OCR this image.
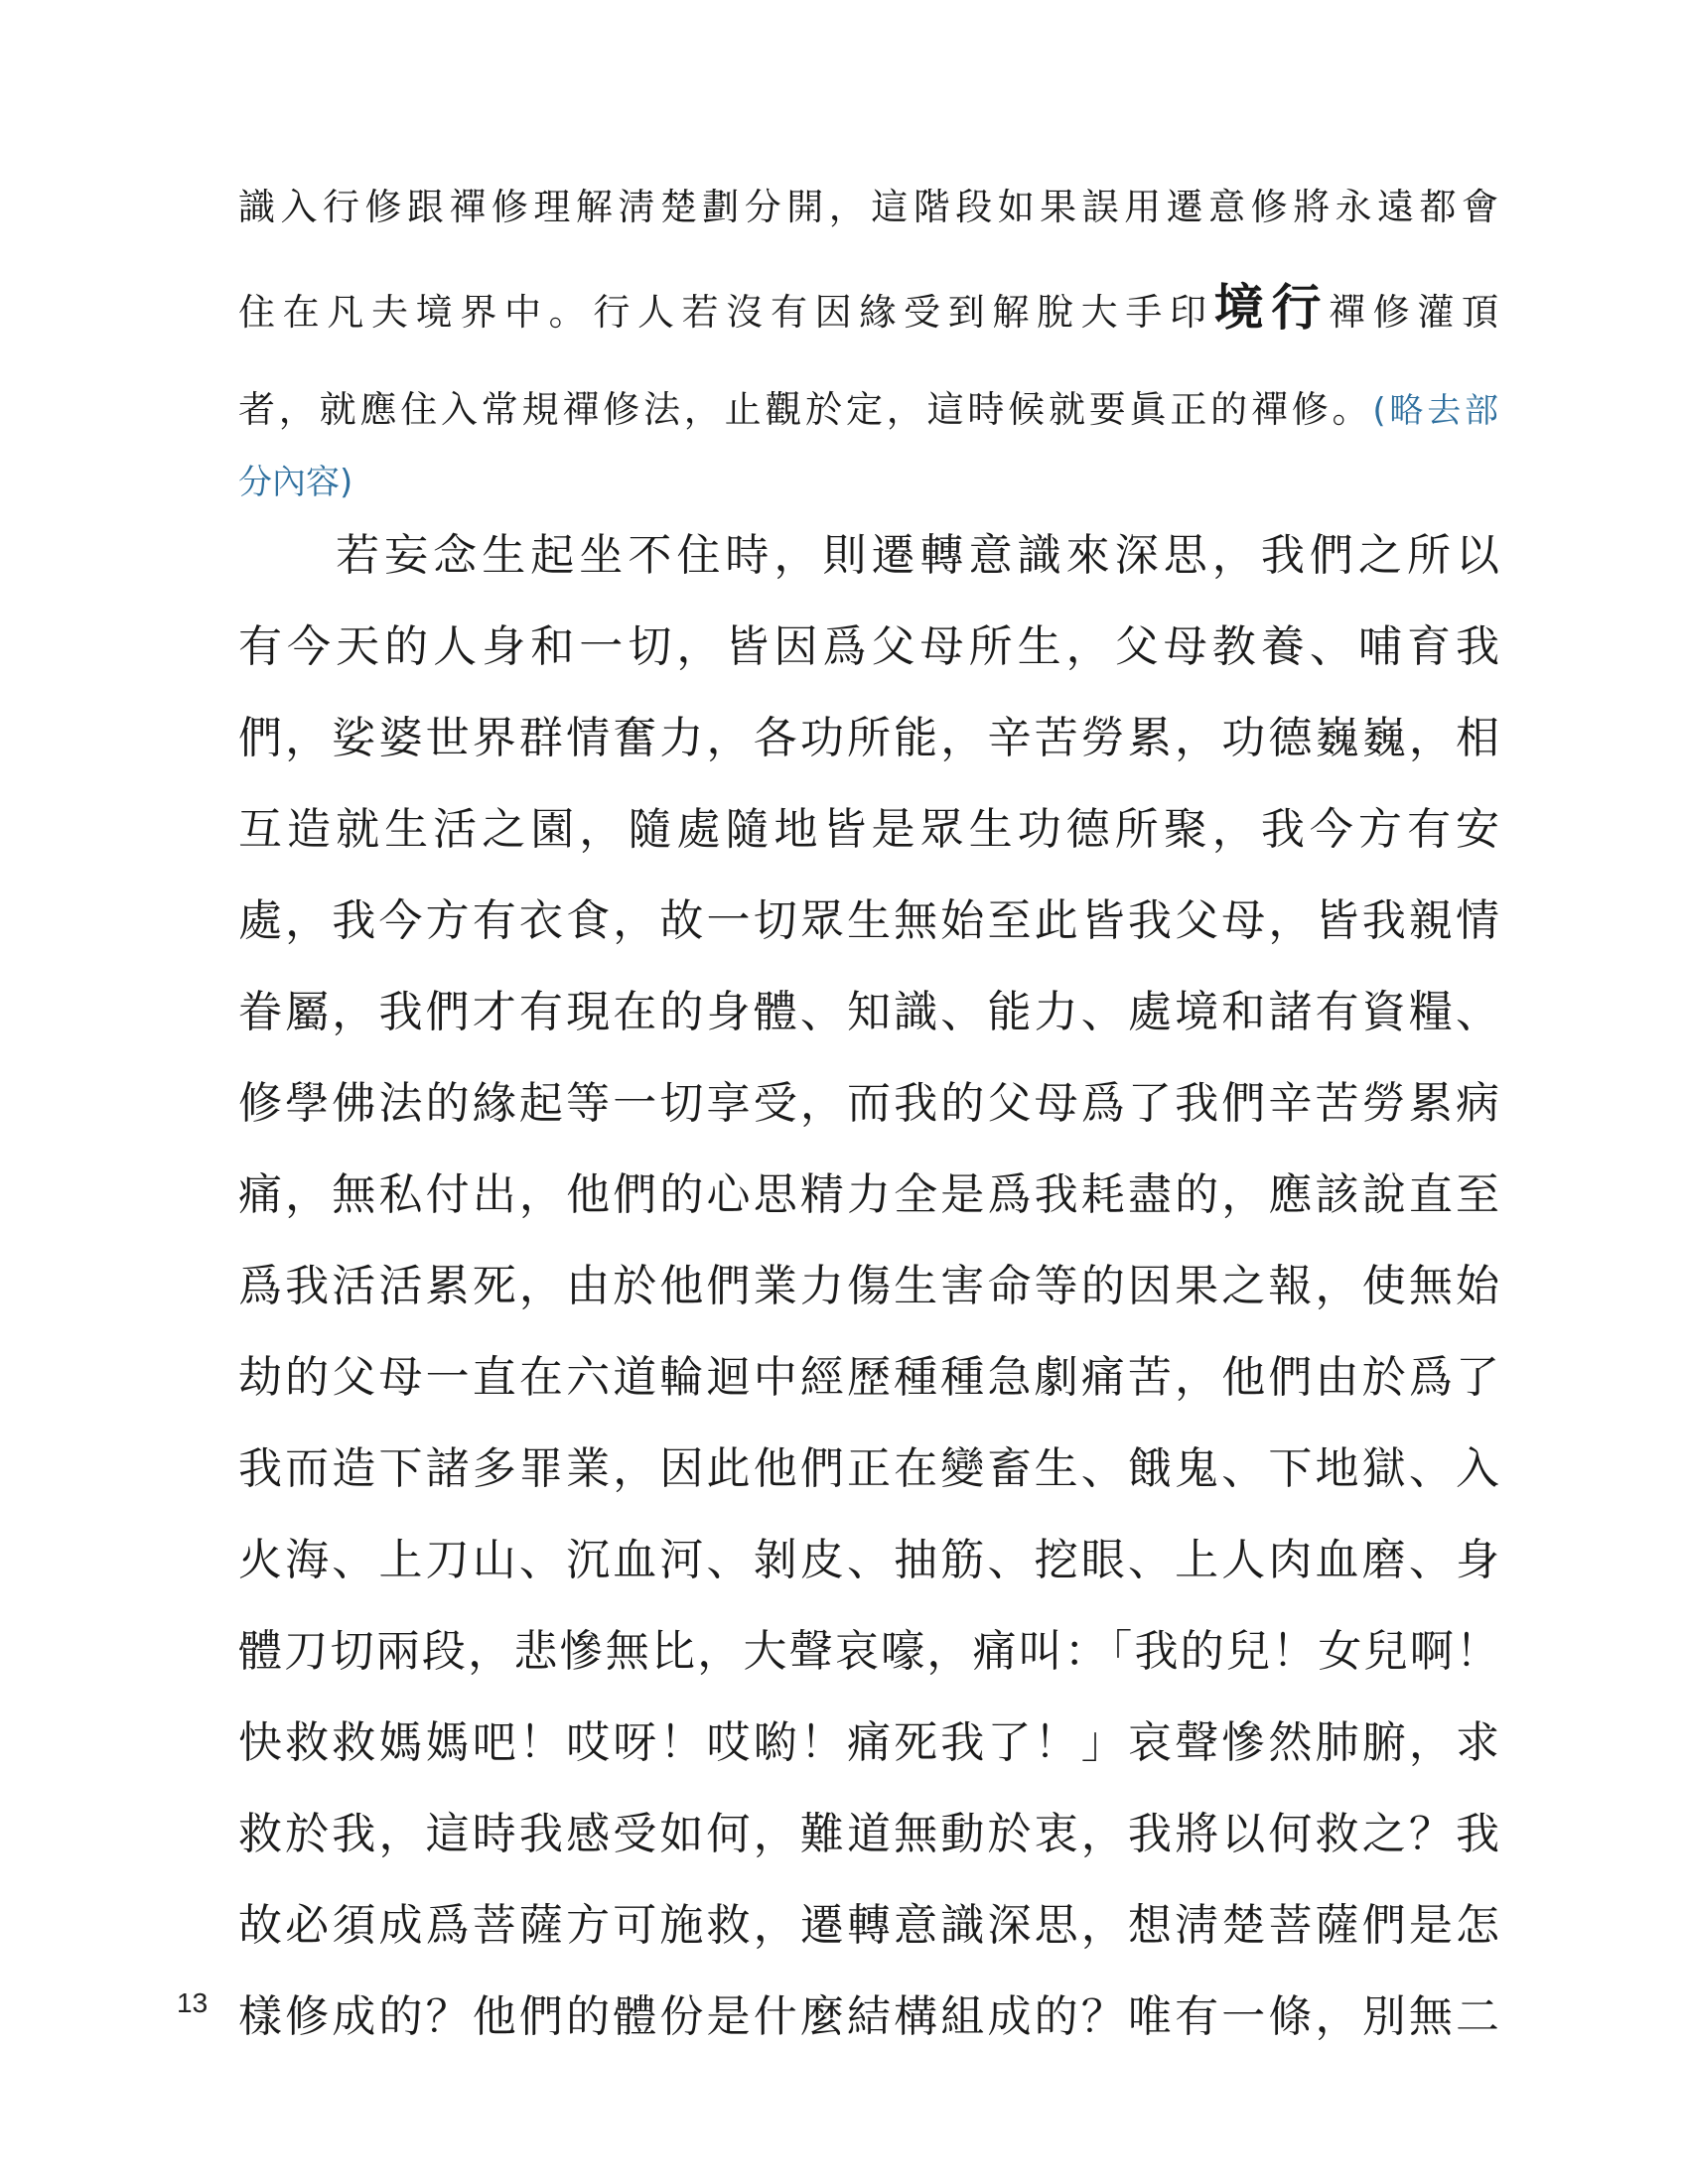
識入行修跟禪修理解淸楚劃分開，這階段如果誤用遷意修將永遠都會
住在凡夫境界中。行人若沒有因緣受到解脫大手印境行禪修灌頂
者，就應住入常規禪修法，止觀於定，這時候就要眞正的禪修。(略去部
分內容)
　　若妄念生起坐不住時，則遷轉意識來深思，我們之所以
有今天的人身和一切，皆因爲父母所生，父母教養、哺育我
們，娑婆世界群情奮力，各功所能，辛苦勞累，功德巍巍，相
互造就生活之園，隨處隨地皆是眾生功德所聚，我今方有安
處，我今方有衣食，故一切眾生無始至此皆我父母，皆我親情
眷屬，我們才有現在的身體、知識、能力、處境和諸有資糧、
修學佛法的緣起等一切享受，而我的父母爲了我們辛苦勞累病
痛，無私付出，他們的心思精力全是爲我耗盡的，應該說直至
爲我活活累死，由於他們業力傷生害命等的因果之報，使無始
劫的父母一直在六道輪迴中經歷種種急劇痛苦，他們由於爲了
我而造下諸多罪業，因此他們正在變畜生、餓鬼、下地獄、入
火海、上刀山、沉血河、剝皮、抽筋、挖眼、上人肉血磨、身
體刀切兩段，悲慘無比，大聲哀嚎，痛叫：「我的兒！女兒啊！
快救救媽媽吧！哎呀！哎喲！痛死我了！」哀聲慘然肺腑，求
救於我，這時我感受如何，難道無動於衷，我將以何救之？我
故必須成爲菩薩方可施救，遷轉意識深思，想淸楚菩薩們是怎
樣修成的？他們的體份是什麼結構組成的？唯有一條，別無二
13
